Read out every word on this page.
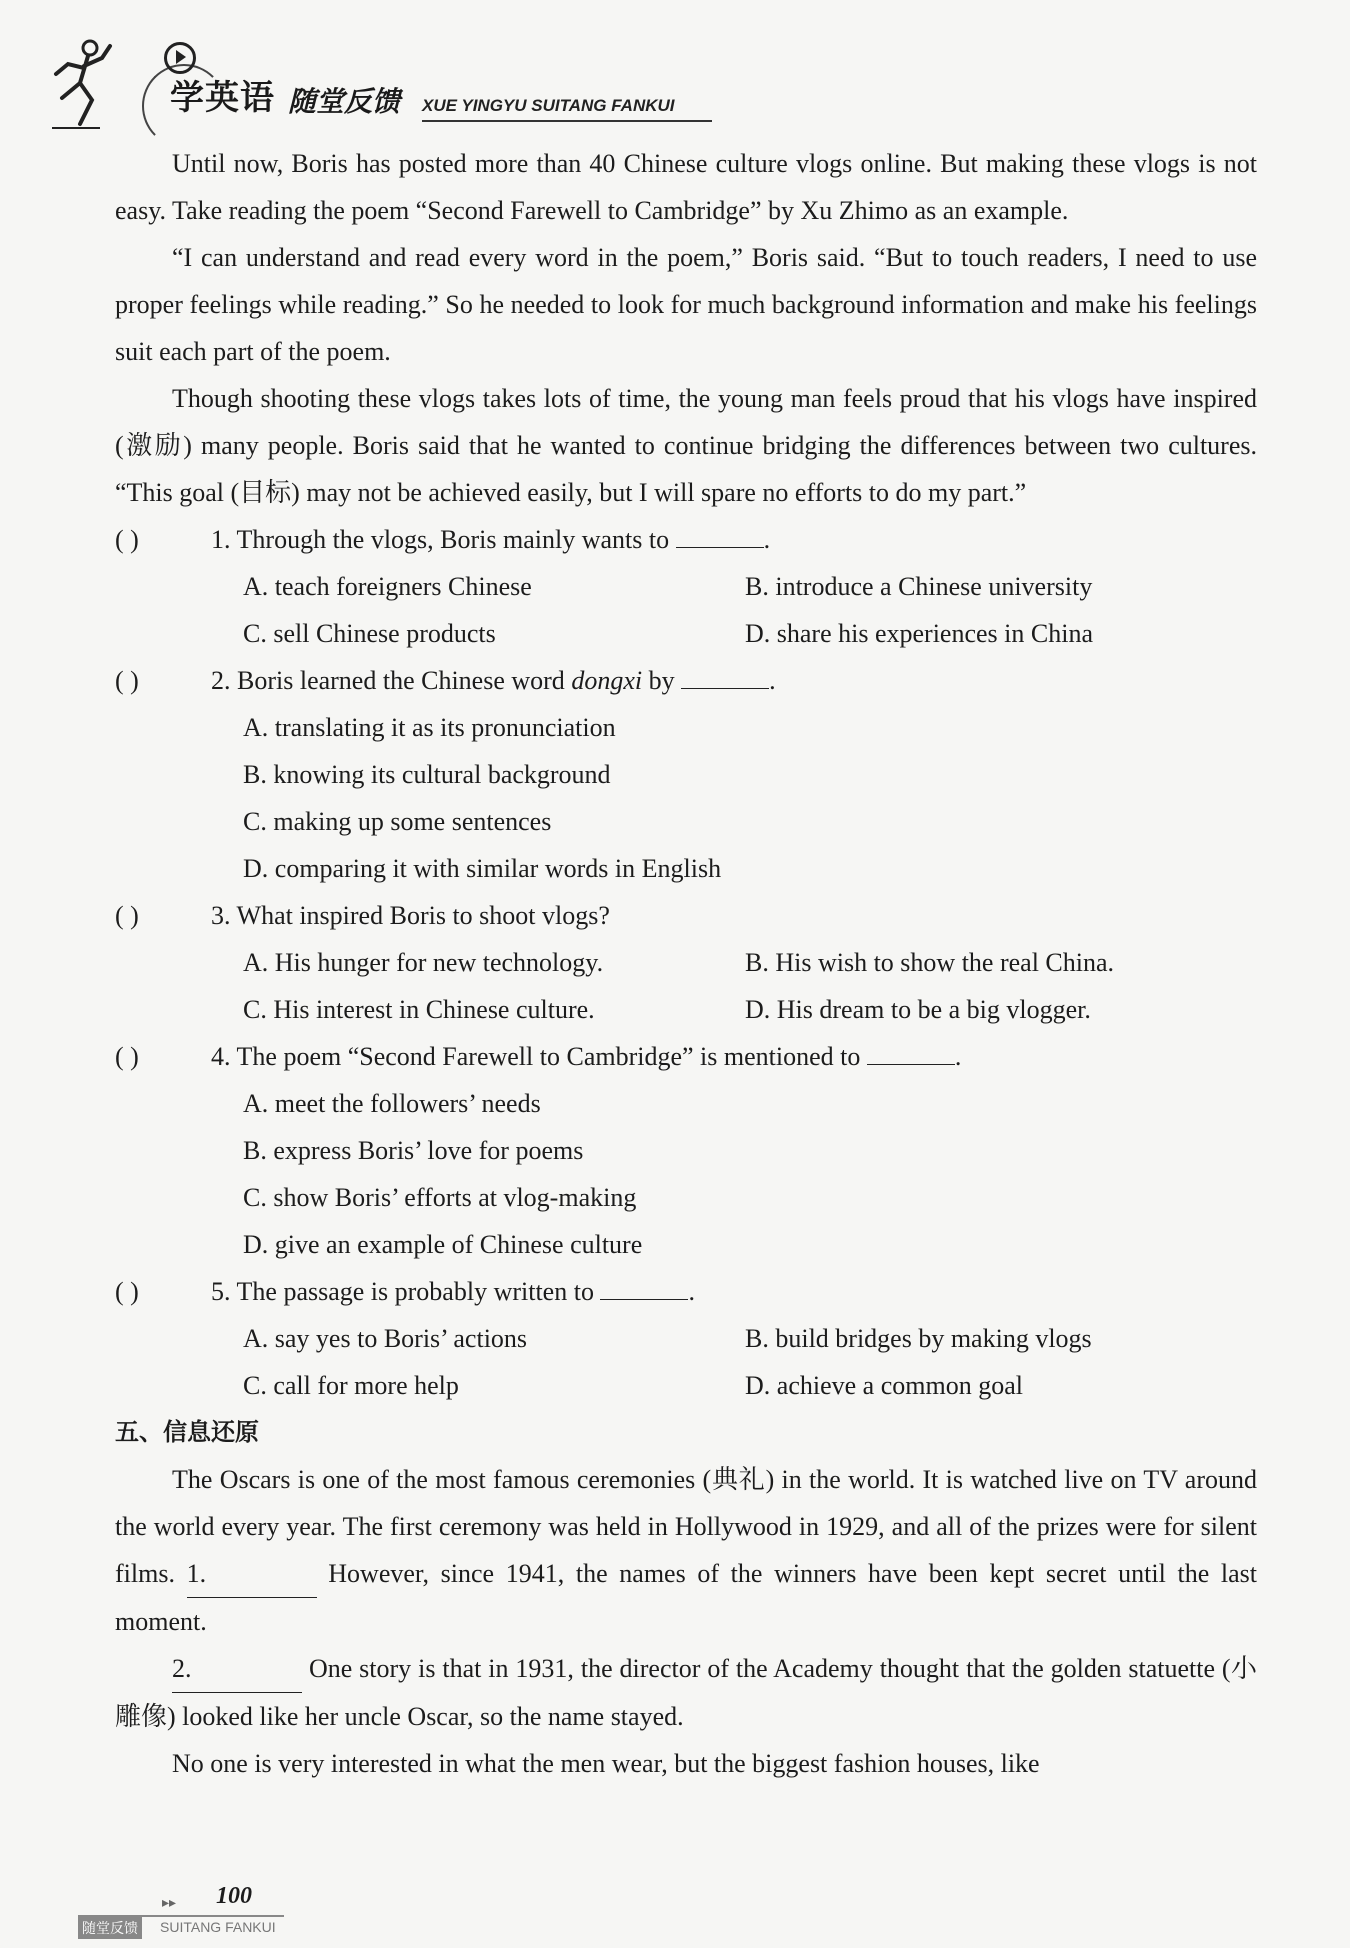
学英语 随堂反馈 XUE YINGYU SUITANG FANKUI

Until now, Boris has posted more than 40 Chinese culture vlogs online. But making these vlogs is not easy. Take reading the poem “Second Farewell to Cambridge” by Xu Zhimo as an example.

“I can understand and read every word in the poem,” Boris said. “But to touch readers, I need to use proper feelings while reading.” So he needed to look for much background information and make his feelings suit each part of the poem.

Though shooting these vlogs takes lots of time, the young man feels proud that his vlogs have inspired (激励) many people. Boris said that he wanted to continue bridging the differences between two cultures. “This goal (目标) may not be achieved easily, but I will spare no efforts to do my part.”

( )	1. Through the vlogs, Boris mainly wants to	.

A. teach foreigners Chinese	B. introduce a Chinese university
C. sell Chinese products	D. share his experiences in China

( )	2. Boris learned the Chinese word dongxi by	.

A. translating it as its pronunciation

B. knowing its cultural background

C. making up some sentences

D. comparing it with similar words in English

( )	3. What inspired Boris to shoot vlogs?

A. His hunger for new technology.	B. His wish to show the real China.
C. His interest in Chinese culture.	D. His dream to be a big vlogger.

( )	4. The poem “Second Farewell to Cambridge” is mentioned to	.

A. meet the followers’ needs

B. express Boris’ love for poems

C. show Boris’ efforts at vlog-making

D. give an example of Chinese culture

( )	5. The passage is probably written to	.

A. say yes to Boris’ actions	B. build bridges by making vlogs
C. call for more help	D. achieve a common goal

五、信息还原

The Oscars is one of the most famous ceremonies (典礼) in the world. It is watched live on TV around the world every year. The first ceremony was held in Hollywood in 1929, and all of the prizes were for silent films. 1.	However, since 1941, the names of the winners have been kept secret until the last moment.

2.	One story is that in 1931, the director of the Academy thought that the golden statuette (小雕像) looked like her uncle Oscar, so the name stayed.

No one is very interested in what the men wear, but the biggest fashion houses, like

▸▸ 100
随堂反馈 SUITANG FANKUI
